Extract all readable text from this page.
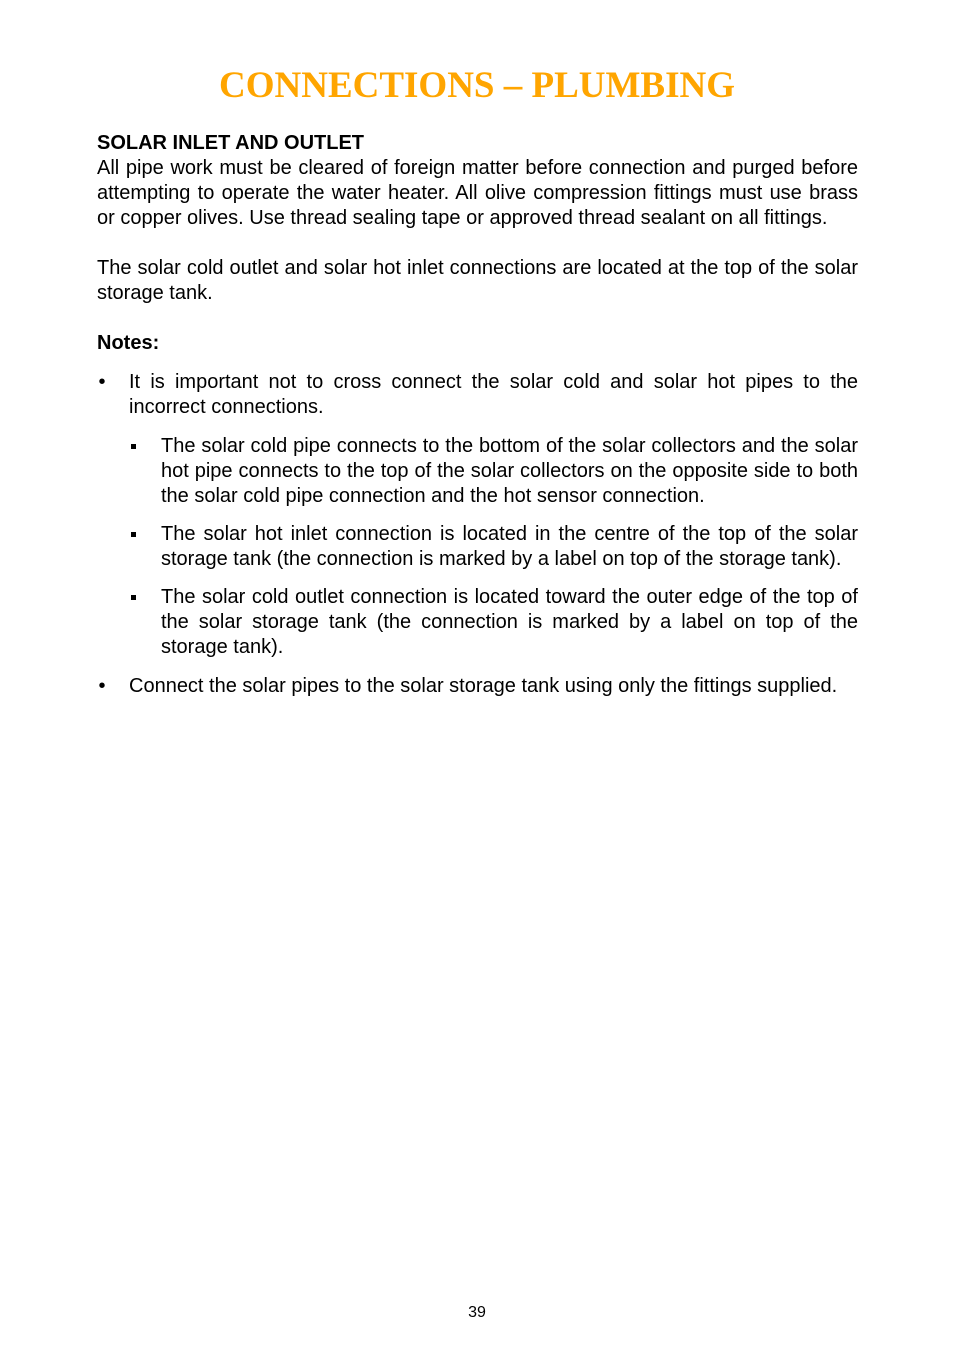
CONNECTIONS – PLUMBING
SOLAR INLET AND OUTLET

All pipe work must be cleared of foreign matter before connection and purged before attempting to operate the water heater. All olive compression fittings must use brass or copper olives. Use thread sealing tape or approved thread sealant on all fittings.

The solar cold outlet and solar hot inlet connections are located at the top of the solar storage tank.

Notes:
• It is important not to cross connect the solar cold and solar hot pipes to the incorrect connections.
The solar cold pipe connects to the bottom of the solar collectors and the solar hot pipe connects to the top of the solar collectors on the opposite side to both the solar cold pipe connection and the hot sensor connection.
The solar hot inlet connection is located in the centre of the top of the solar storage tank (the connection is marked by a label on top of the storage tank).
The solar cold outlet connection is located toward the outer edge of the top of the solar storage tank (the connection is marked by a label on top of the storage tank).
• Connect the solar pipes to the solar storage tank using only the fittings supplied.
39
